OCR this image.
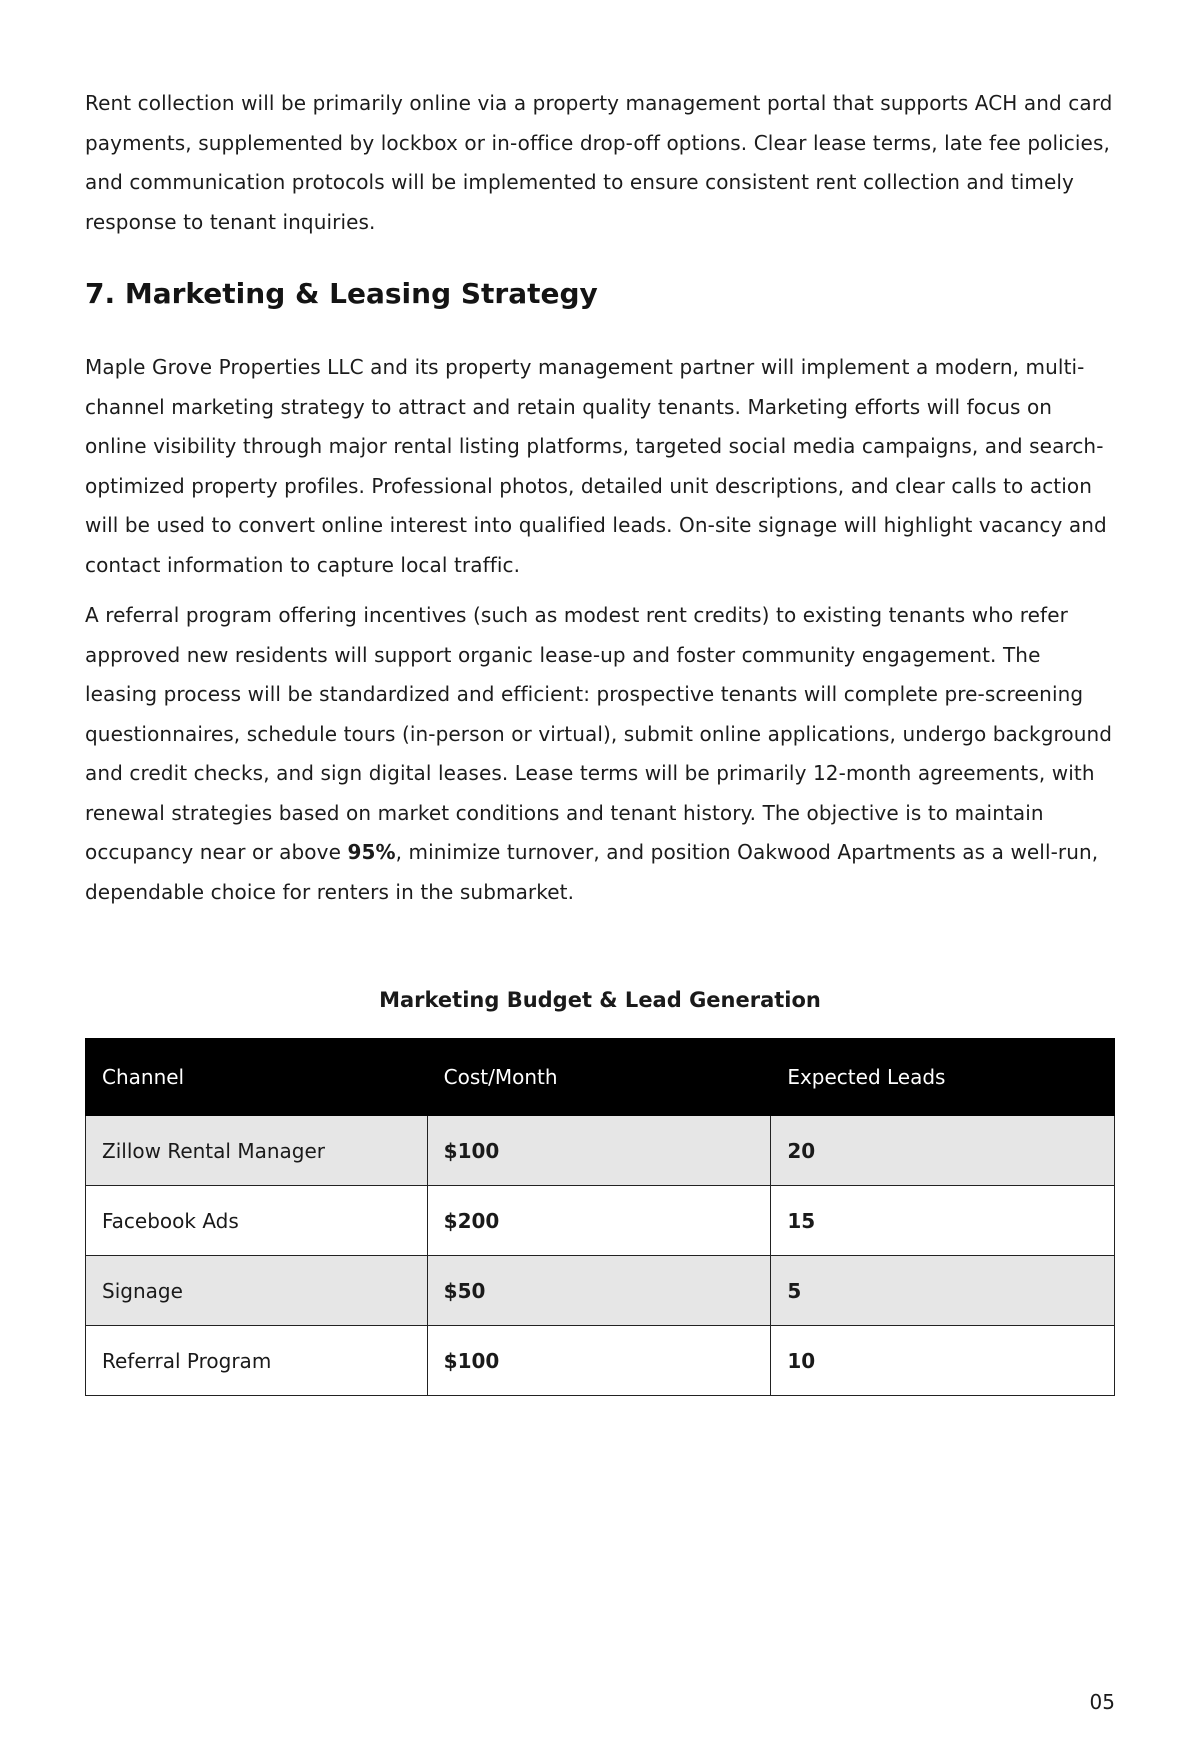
Rent collection will be primarily online via a property management portal that supports ACH and card payments, supplemented by lockbox or in-office drop-off options. Clear lease terms, late fee policies, and communication protocols will be implemented to ensure consistent rent collection and timely response to tenant inquiries.

7. Marketing & Leasing Strategy

Maple Grove Properties LLC and its property management partner will implement a modern, multi-channel marketing strategy to attract and retain quality tenants. Marketing efforts will focus on online visibility through major rental listing platforms, targeted social media campaigns, and search-optimized property profiles. Professional photos, detailed unit descriptions, and clear calls to action will be used to convert online interest into qualified leads. On-site signage will highlight vacancy and contact information to capture local traffic.

A referral program offering incentives (such as modest rent credits) to existing tenants who refer approved new residents will support organic lease-up and foster community engagement. The leasing process will be standardized and efficient: prospective tenants will complete pre-screening questionnaires, schedule tours (in-person or virtual), submit online applications, undergo background and credit checks, and sign digital leases. Lease terms will be primarily 12-month agreements, with renewal strategies based on market conditions and tenant history. The objective is to maintain occupancy near or above 95%, minimize turnover, and position Oakwood Apartments as a well-run, dependable choice for renters in the submarket.

Marketing Budget & Lead Generation
Channel	Cost/Month	Expected Leads
Zillow Rental Manager	$100	20
Facebook Ads	$200	15
Signage	$50	5
Referral Program	$100	10
05
